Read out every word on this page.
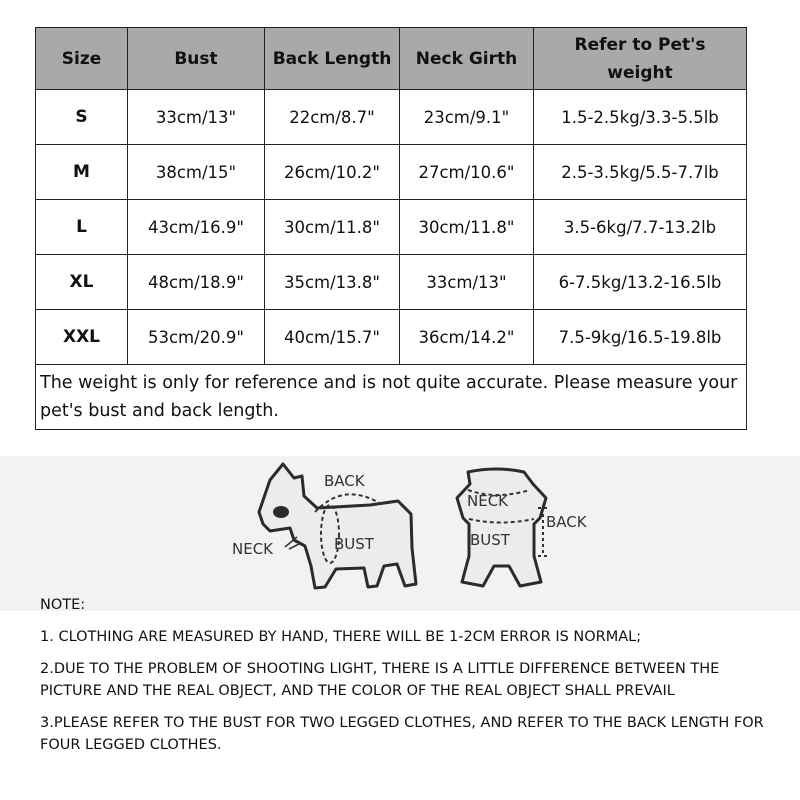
Size	Bust	Back Length	Neck Girth	Refer to Pet's weight
S	33cm/13"	22cm/8.7"	23cm/9.1"	1.5-2.5kg/3.3-5.5lb
M	38cm/15"	26cm/10.2"	27cm/10.6"	2.5-3.5kg/5.5-7.7lb
L	43cm/16.9"	30cm/11.8"	30cm/11.8"	3.5-6kg/7.7-13.2lb
XL	48cm/18.9"	35cm/13.8"	33cm/13"	6-7.5kg/13.2-16.5lb
XXL	53cm/20.9"	40cm/15.7"	36cm/14.2"	7.5-9kg/16.5-19.8lb
The weight is only for reference and is not quite accurate. Please measure your pet's bust and back length.				
BACK
NECK	BUST
NECK
BACK
BUST

NOTE:

1. CLOTHING ARE MEASURED BY HAND, THERE WILL BE 1-2CM ERROR IS NORMAL;

2.DUE TO THE PROBLEM OF SHOOTING LIGHT, THERE IS A LITTLE DIFFERENCE BETWEEN THE PICTURE AND THE REAL OBJECT, AND THE COLOR OF THE REAL OBJECT SHALL PREVAIL

3.PLEASE REFER TO THE BUST FOR TWO LEGGED CLOTHES, AND REFER TO THE BACK LENGTH FOR FOUR LEGGED CLOTHES.
